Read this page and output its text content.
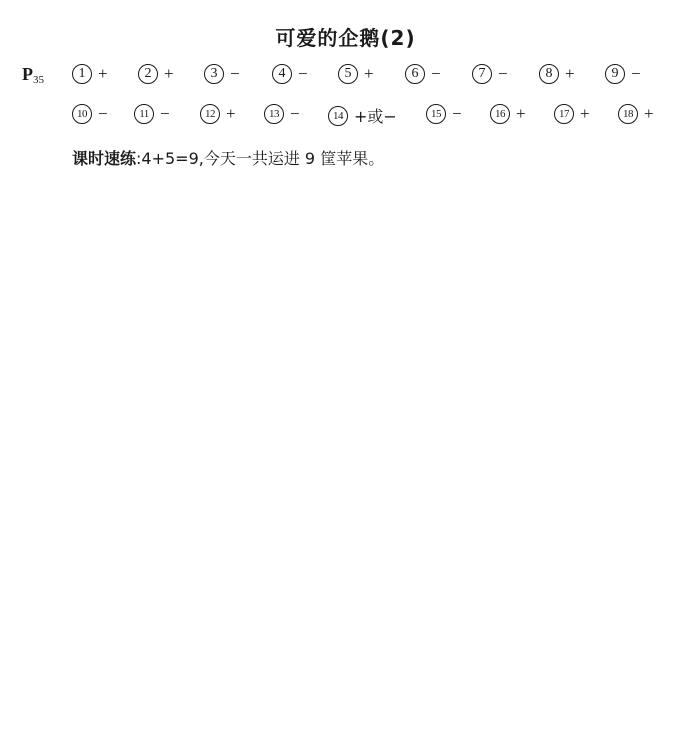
可爱的企鹅(2)
$P_{35}$	1 +	2 +	3 −	4 −	5 +	6 −	7 −	8 +	9 −
10 −	11 −	12 +	13 −	14 +或−	15 −	16 +	17 +	18 +
课时速练:4+5=9,今天一共运进 9 筐苹果。
